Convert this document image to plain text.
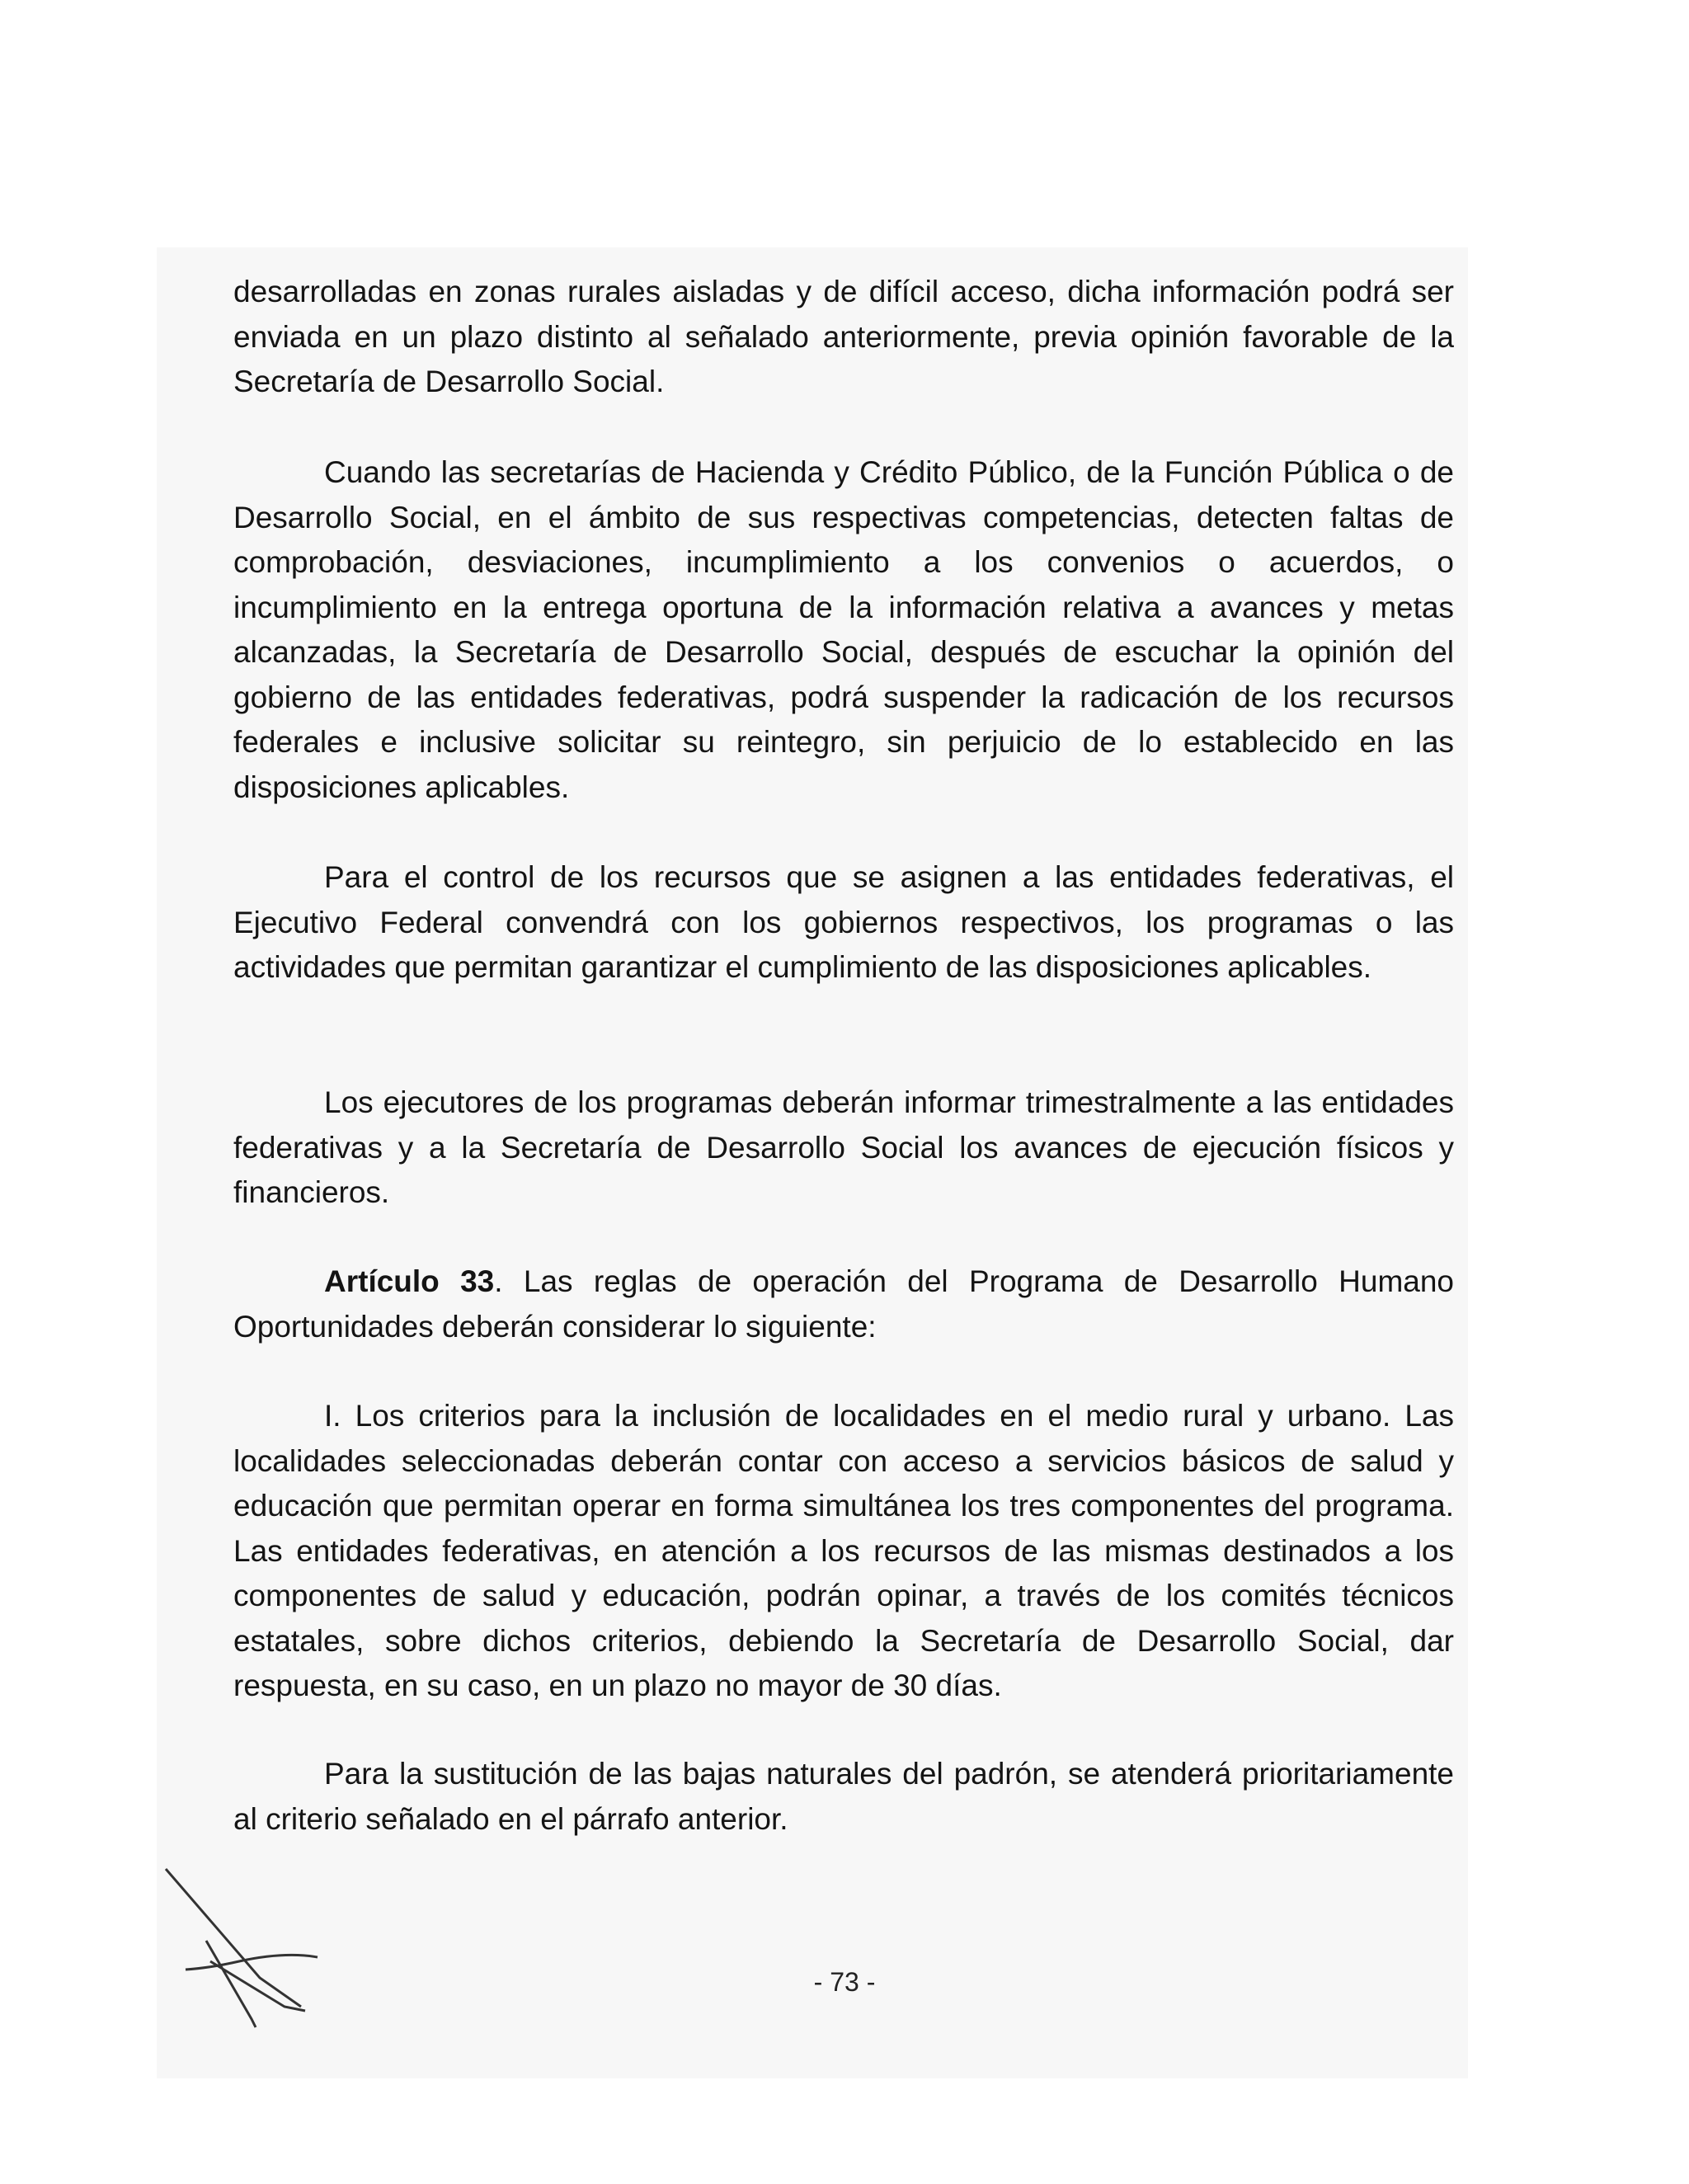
desarrolladas en zonas rurales aisladas y de difícil acceso, dicha información podrá ser enviada en un plazo distinto al señalado anteriormente, previa opinión favorable de la Secretaría de Desarrollo Social.

Cuando las secretarías de Hacienda y Crédito Público, de la Función Pública o de Desarrollo Social, en el ámbito de sus respectivas competencias, detecten faltas de comprobación, desviaciones, incumplimiento a los convenios o acuerdos, o incumplimiento en la entrega oportuna de la información relativa a avances y metas alcanzadas, la Secretaría de Desarrollo Social, después de escuchar la opinión del gobierno de las entidades federativas, podrá suspender la radicación de los recursos federales e inclusive solicitar su reintegro, sin perjuicio de lo establecido en las disposiciones aplicables.

Para el control de los recursos que se asignen a las entidades federativas, el Ejecutivo Federal convendrá con los gobiernos respectivos, los programas o las actividades que permitan garantizar el cumplimiento de las disposiciones aplicables.

Los ejecutores de los programas deberán informar trimestralmente a las entidades federativas y a la Secretaría de Desarrollo Social los avances de ejecución físicos y financieros.

Artículo 33. Las reglas de operación del Programa de Desarrollo Humano Oportunidades deberán considerar lo siguiente:

I. Los criterios para la inclusión de localidades en el medio rural y urbano. Las localidades seleccionadas deberán contar con acceso a servicios básicos de salud y educación que permitan operar en forma simultánea los tres componentes del programa. Las entidades federativas, en atención a los recursos de las mismas destinados a los componentes de salud y educación, podrán opinar, a través de los comités técnicos estatales, sobre dichos criterios, debiendo la Secretaría de Desarrollo Social, dar respuesta, en su caso, en un plazo no mayor de 30 días.

Para la sustitución de las bajas naturales del padrón, se atenderá prioritariamente al criterio señalado en el párrafo anterior.

- 73 -
